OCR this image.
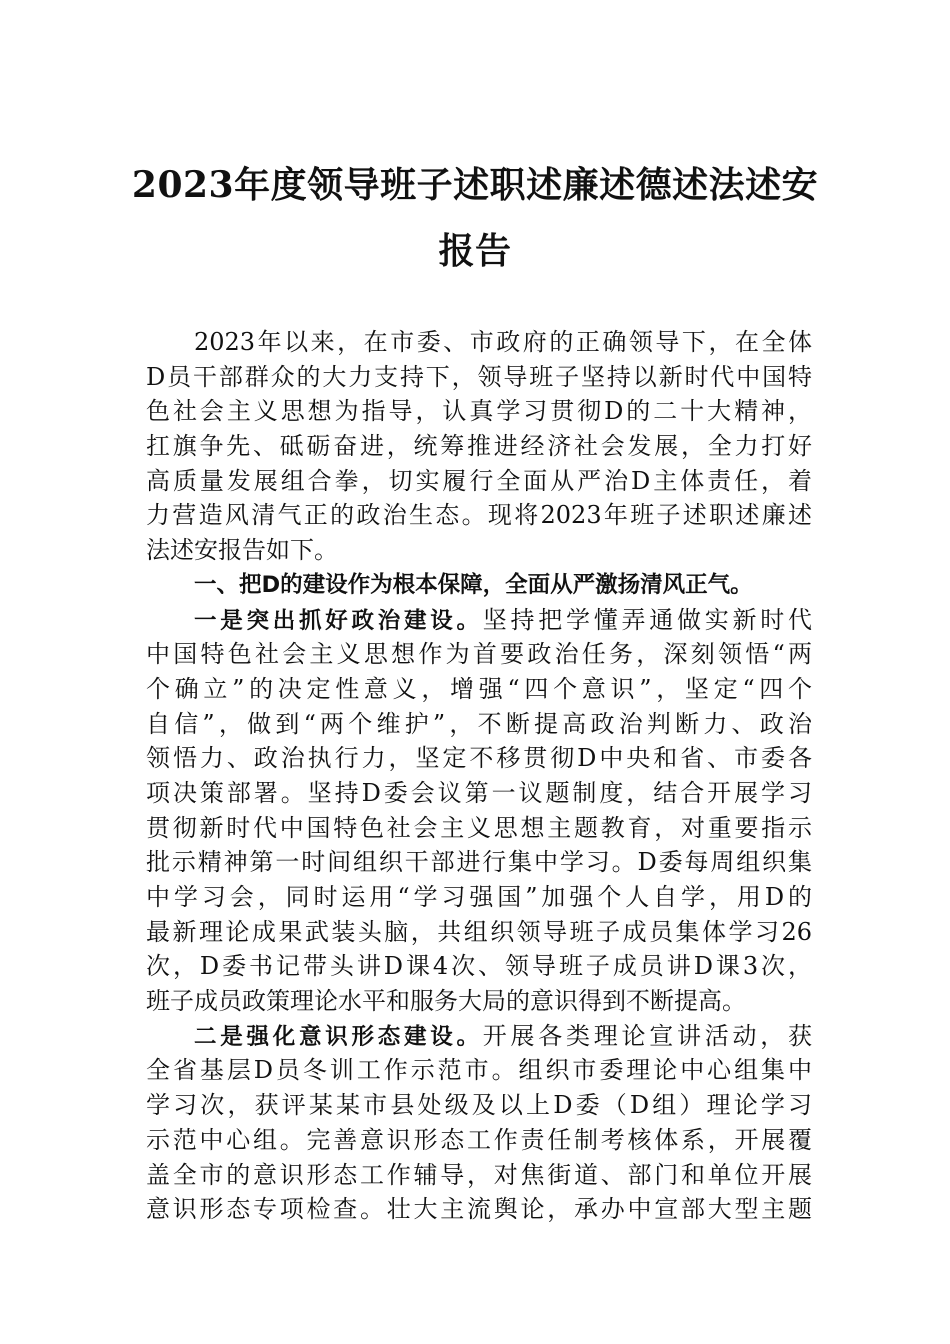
2023年度领导班子述职述廉述德述法述安
报告
2023年以来，在市委、市政府的正确领导下，在全体
D员干部群众的大力支持下，领导班子坚持以新时代中国特
色社会主义思想为指导，认真学习贯彻D的二十大精神，
扛旗争先、砥砺奋进，统筹推进经济社会发展，全力打好
高质量发展组合拳，切实履行全面从严治D主体责任，着
力营造风清气正的政治生态。现将2023年班子述职述廉述
法述安报告如下。
一、把D的建设作为根本保障，全面从严激扬清风正气。
一是突出抓好政治建设。坚持把学懂弄通做实新时代
中国特色社会主义思想作为首要政治任务，深刻领悟“两
个确立”的决定性意义，增强“四个意识”，坚定“四个
自信”，做到“两个维护”，不断提高政治判断力、政治
领悟力、政治执行力，坚定不移贯彻D中央和省、市委各
项决策部署。坚持D委会议第一议题制度，结合开展学习
贯彻新时代中国特色社会主义思想主题教育，对重要指示
批示精神第一时间组织干部进行集中学习。D委每周组织集
中学习会，同时运用“学习强国”加强个人自学，用D的
最新理论成果武装头脑，共组织领导班子成员集体学习26
次，D委书记带头讲D课4次、领导班子成员讲D课3次，
班子成员政策理论水平和服务大局的意识得到不断提高。
二是强化意识形态建设。开展各类理论宣讲活动，获
全省基层D员冬训工作示范市。组织市委理论中心组集中
学习次，获评某某市县处级及以上D委（D组）理论学习
示范中心组。完善意识形态工作责任制考核体系，开展覆
盖全市的意识形态工作辅导，对焦街道、部门和单位开展
意识形态专项检查。壮大主流舆论，承办中宣部大型主题
